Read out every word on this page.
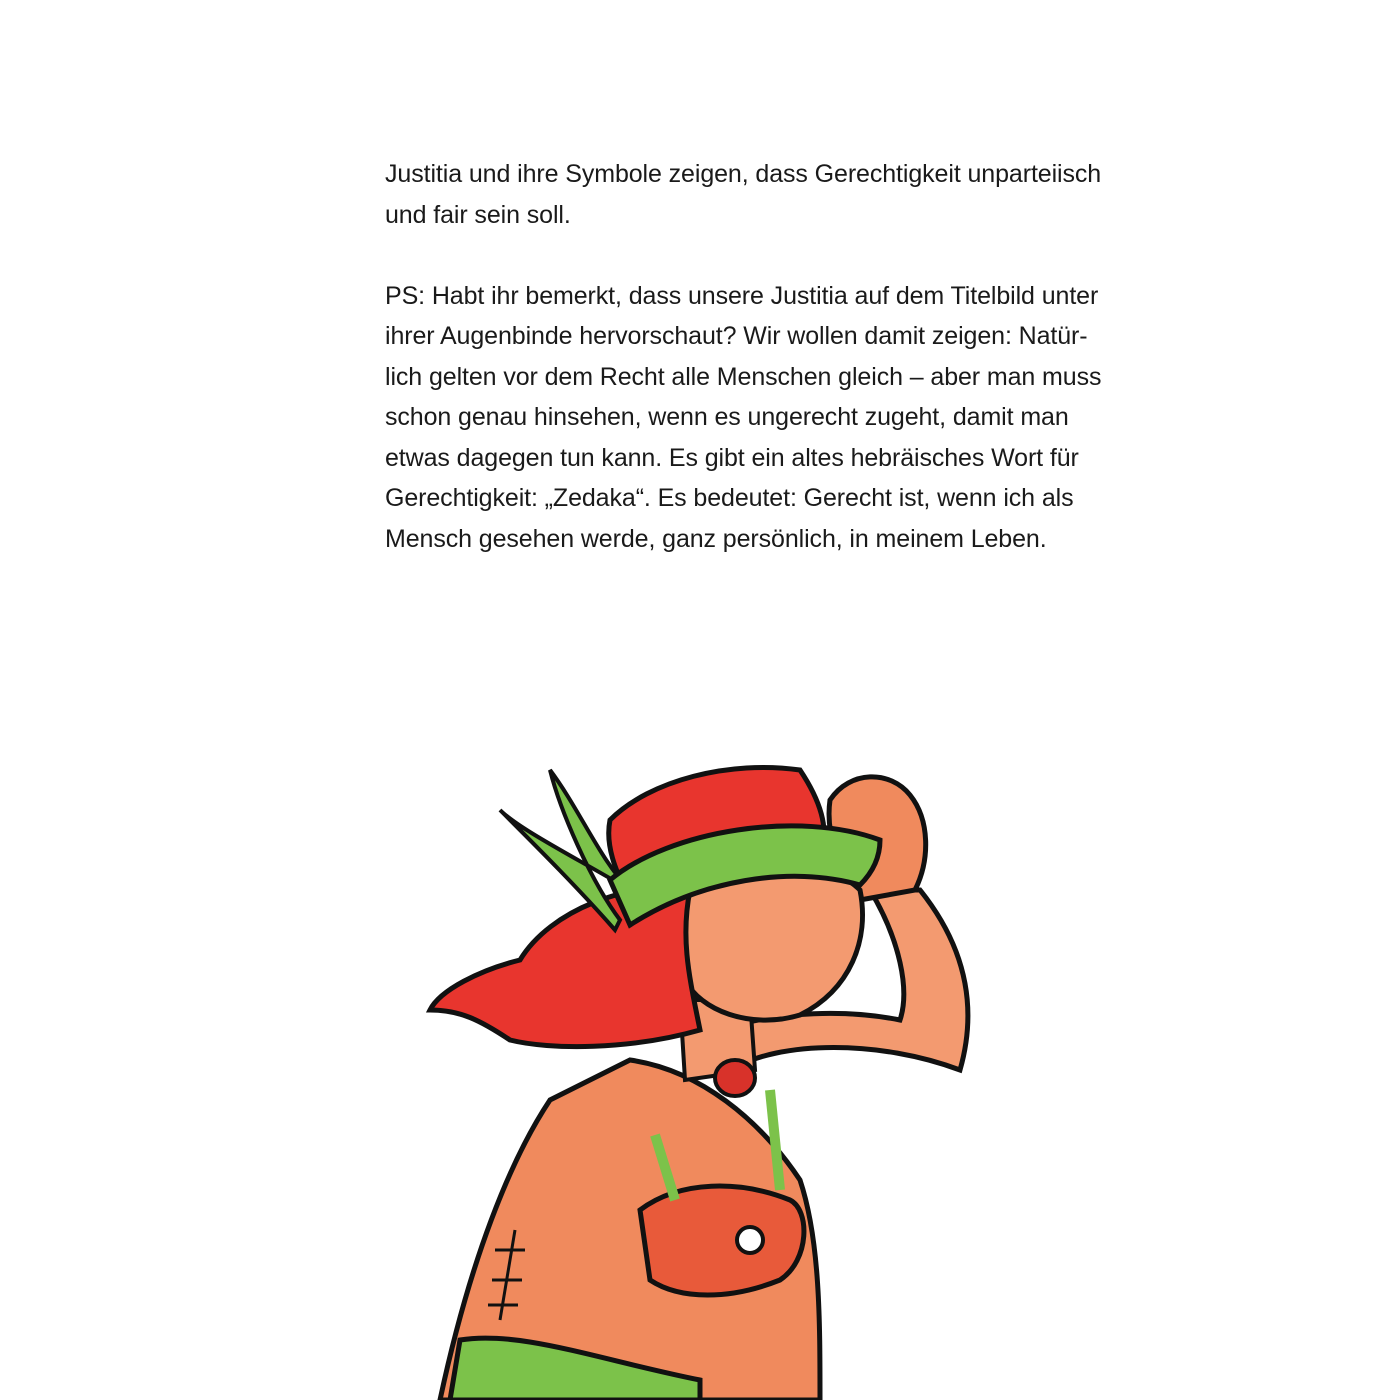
Justitia und ihre Symbole zeigen, dass Gerechtigkeit unparteiisch
und fair sein soll.

PS: Habt ihr bemerkt, dass unsere Justitia auf dem Titelbild unter
ihrer Augenbinde hervorschaut? Wir wollen damit zeigen: Natür-
lich gelten vor dem Recht alle Menschen gleich – aber man muss
schon genau hinsehen, wenn es ungerecht zugeht, damit man
etwas dagegen tun kann. Es gibt ein altes hebräisches Wort für
Gerechtigkeit: „Zedaka“. Es bedeutet: Gerecht ist, wenn ich als
Mensch gesehen werde, ganz persönlich, in meinem Leben.
